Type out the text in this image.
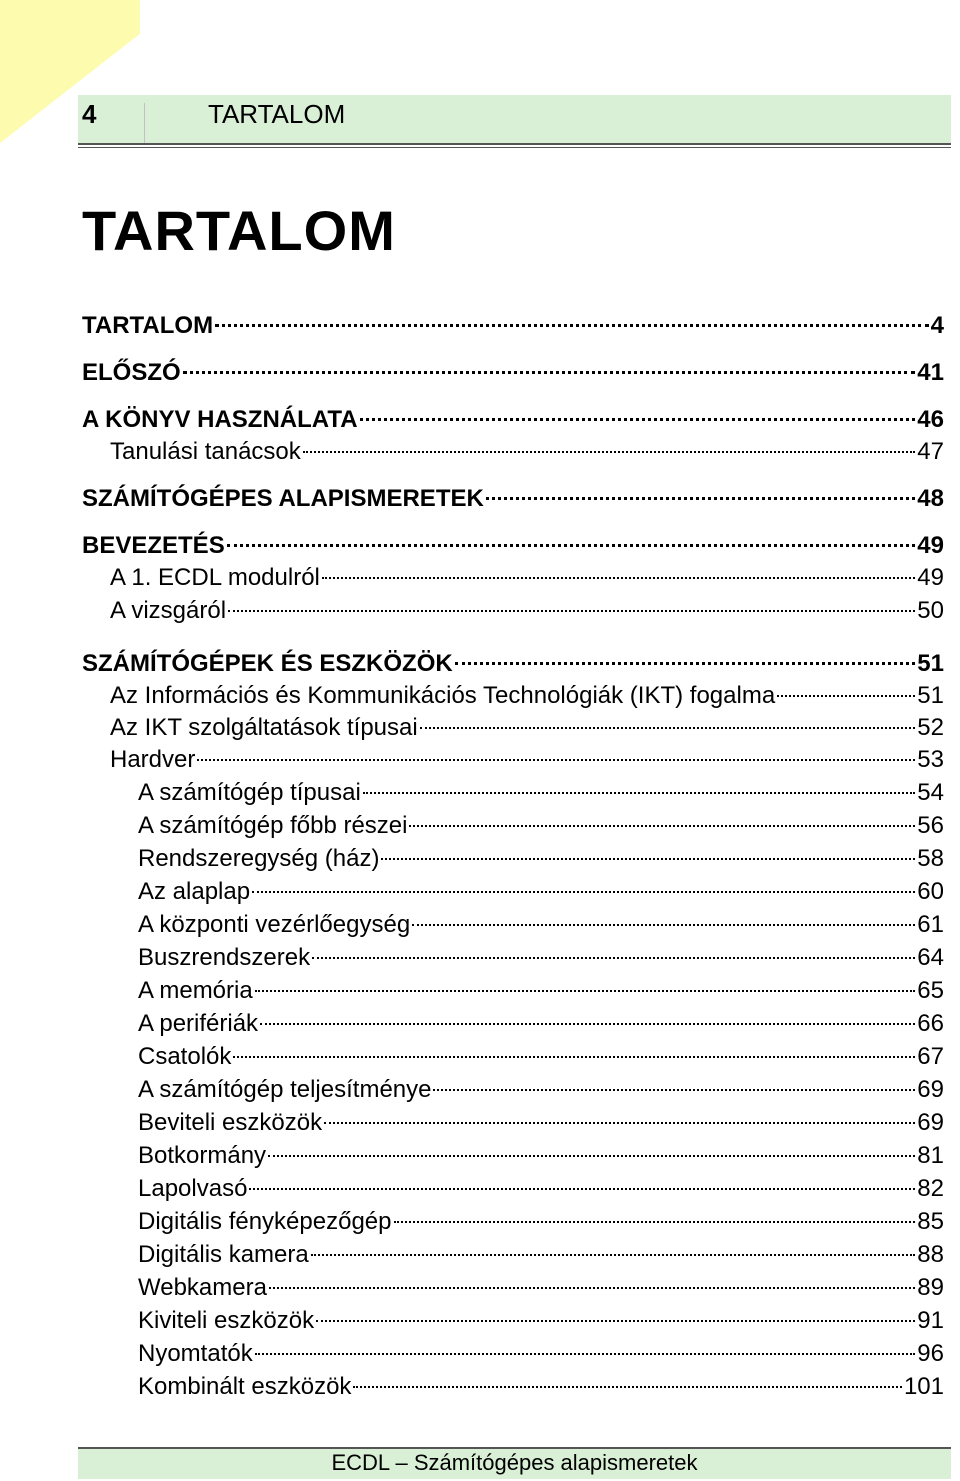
4	TARTALOM
TARTALOM
TARTALOM	4
ELŐSZÓ	41
A KÖNYV HASZNÁLATA	46
Tanulási tanácsok	47
SZÁMÍTÓGÉPES ALAPISMERETEK	48
BEVEZETÉS	49
A 1. ECDL modulról	49
A vizsgáról	50
SZÁMÍTÓGÉPEK ÉS ESZKÖZÖK	51
Az Információs és Kommunikációs Technológiák (IKT) fogalma	51
Az IKT szolgáltatások típusai	52
Hardver	53
A számítógép típusai	54
A számítógép főbb részei	56
Rendszeregység (ház)	58
Az alaplap	60
A központi vezérlőegység	61
Buszrendszerek	64
A memória	65
A perifériák	66
Csatolók	67
A számítógép teljesítménye	69
Beviteli eszközök	69
Botkormány	81
Lapolvasó	82
Digitális fényképezőgép	85
Digitális kamera	88
Webkamera	89
Kiviteli eszközök	91
Nyomtatók	96
Kombinált eszközök	101
ECDL – Számítógépes alapismeretek
